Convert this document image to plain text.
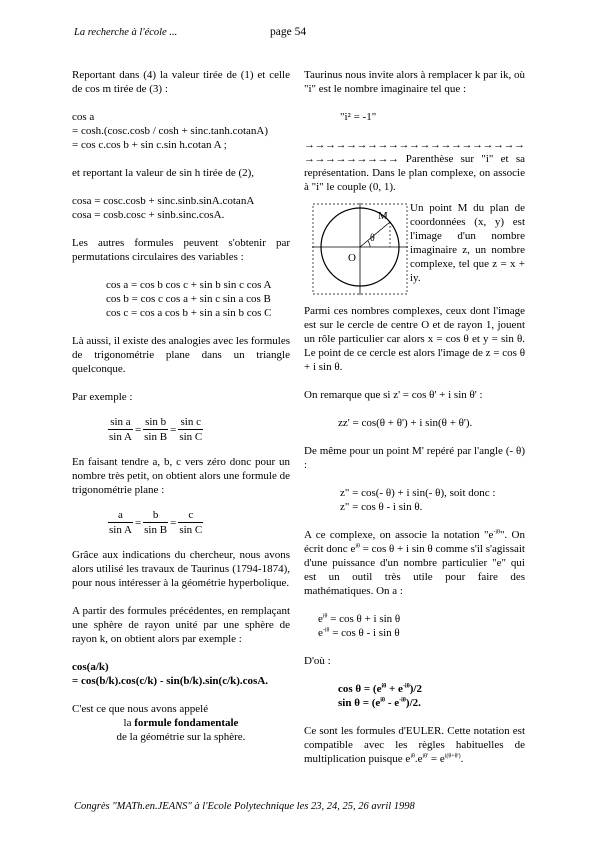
La recherche à l'école ...	page 54

Reportant dans (4) la valeur tirée de (1) et celle de cos m tirée de (3) :

cos a

= cosh.(cosc.cosb / cosh + sinc.tanh.cotanA)

= cos c.cos b + sin c.sin h.cotan A ;

et reportant la valeur de sin h tirée de (2),

cosa = cosc.cosb + sinc.sinb.sinA.cotanA

cosa = cosb.cosc + sinb.sinc.cosA.

Les autres formules peuvent s'obtenir par permutations circulaires des variables :

cos a = cos b cos c + sin b sin c cos A

cos b = cos c cos a + sin c sin a cos B

cos c = cos a cos b + sin a sin b cos C

Là aussi, il existe des analogies avec les formules de trigonométrie plane dans un triangle quelconque.

Par exemple :

$\frac{\text{sin a}}{\text{sin A}} = \frac{\text{sin b}}{\text{sin B}} = \frac{\text{sin c}}{\text{sin C}}$

En faisant tendre a, b, c vers zéro donc pour un nombre très petit, on obtient alors une formule de trigonométrie plane :

$\frac{a}{\text{sin A}} = \frac{b}{\text{sin B}} = \frac{c}{\text{sin C}}$

Grâce aux indications du chercheur, nous avons alors utilisé les travaux de Taurinus (1794-1874), pour nous intéresser à la géométrie hyperbolique.

A partir des formules précédentes, en remplaçant une sphère de rayon unité par une sphère de rayon k, on obtient alors par exemple :

cos(a/k)

= cos(b/k).cos(c/k) - sin(b/k).sin(c/k).cosA.

C'est ce que nous avons appelé

la formule fondamentale

de la géométrie sur la sphère.

Taurinus nous invite alors à remplacer k par ik, où "i" est le nombre imaginaire tel que :

"i² = -1"

→→→→→→→→→→→→→→→→→→→→→

→→→→→→→→→ Parenthèse sur "i" et sa représentation. Dans le plan complexe, on associe à "i" le couple (0, 1).

O
M
θ

Un point M du plan de coordonnées (x, y) est l'image d'un nombre imaginaire z, un nombre complexe, tel que z = x + iy.

Parmi ces nombres complexes, ceux dont l'image est sur le cercle de centre O et de rayon 1, jouent un rôle particulier car alors x = cos θ et y = sin θ. Le point de ce cercle est alors l'image de z = cos θ + i sin θ.

On remarque que si z' = cos θ' + i sin θ' :

zz' = cos(θ + θ') + i sin(θ + θ').

De même pour un point M' repéré par l'angle (- θ) :

z" = cos(- θ) + i sin(- θ), soit donc :

z" = cos θ - i sin θ.

A ce complexe, on associe la notation "$e^{-i\theta}$". On écrit donc $e^{i\theta} = \cos \theta + i$ sin θ comme s'il s'agissait d'une puissance d'un nombre particulier "e" qui est un outil très utile pour faire des mathématiques. On a :

$e^{i\theta} = \cos \theta + i$ sin θ

$e^{-i\theta} = \cos \theta - i$ sin θ

D'où :

$\cos \theta = (e^{i\theta} + e^{-i\theta})/2$

$\sin \theta = (e^{i\theta} - e^{-i\theta})/2$.

Ce sont les formules d'EULER. Cette notation est compatible avec les règles habituelles de multiplication puisque $e^{i\theta}.e^{i\theta'} = e^{i(\theta+\theta')}$.

Congrès "MATh.en.JEANS" à l'Ecole Polytechnique les 23, 24, 25, 26 avril 1998
